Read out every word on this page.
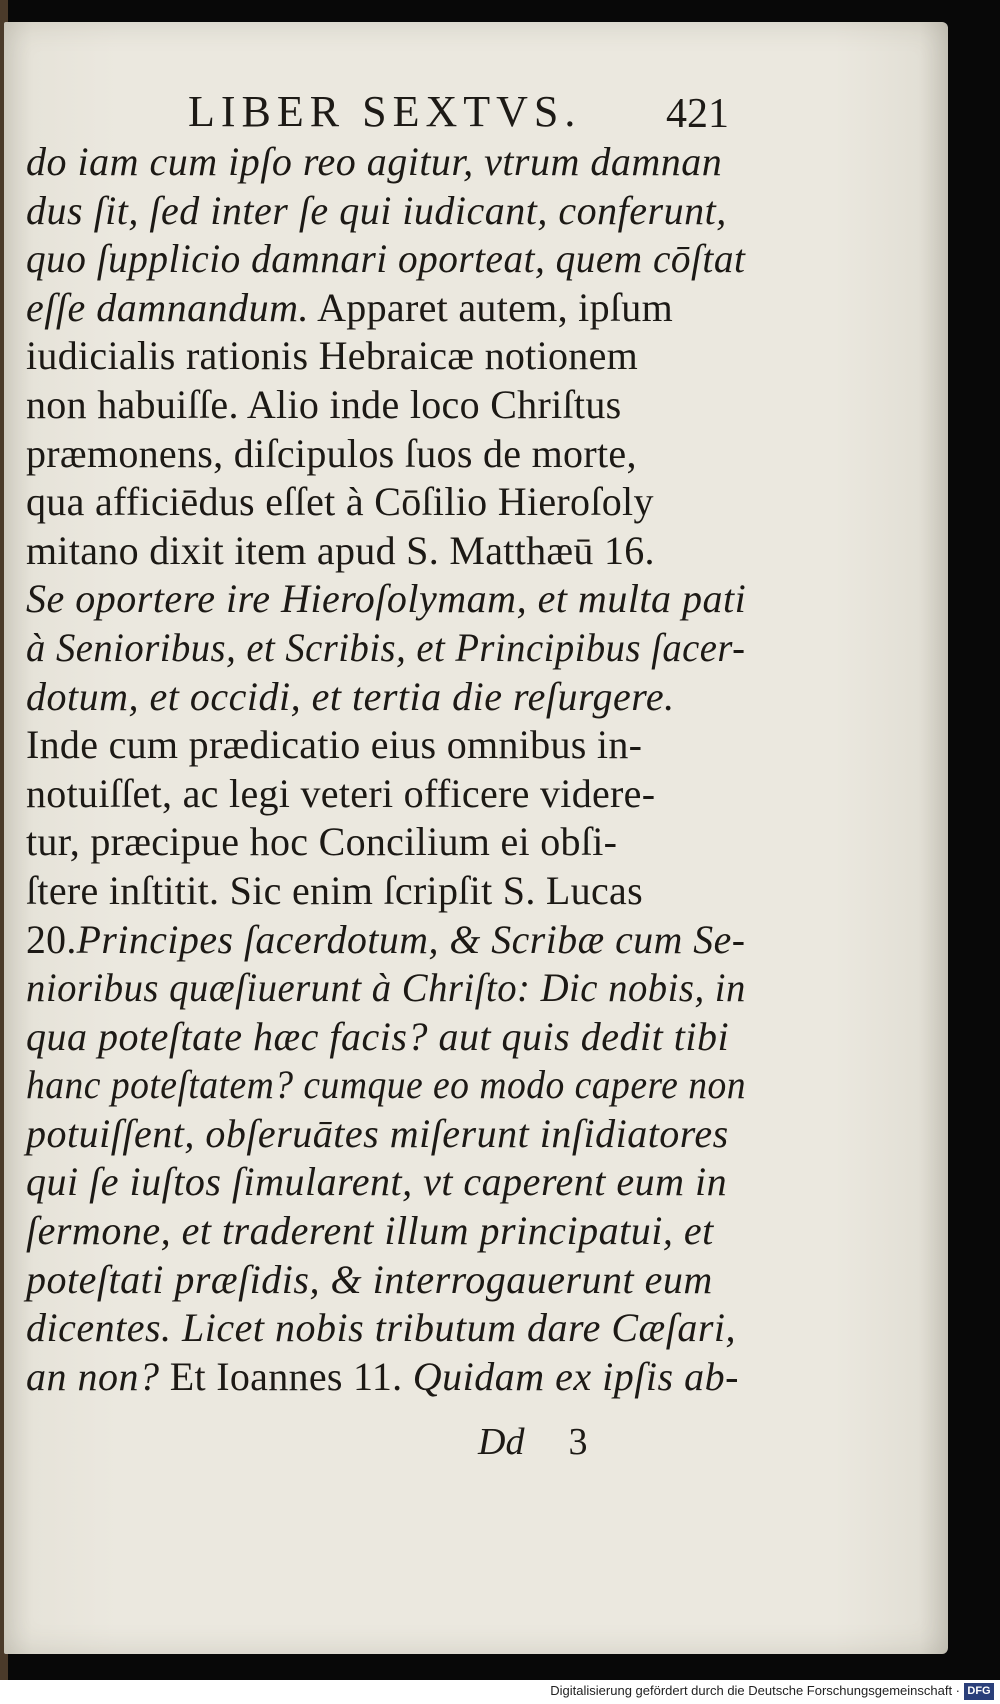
LIBER SEXTVS. 421
do iam cum ipſo reo agitur, vtrum damnan
dus ſit, ſed inter ſe qui iudicant, conferunt,
quo ſupplicio damnari oporteat, quem cōſtat
eſſe damnandum. Apparet autem, ipſum
iudicialis rationis Hebraicæ notionem
non habuiſſe. Alio inde loco Chriſtus
præmonens, diſcipulos ſuos de morte,
qua afficiēdus eſſet à Cōſilio Hieroſoly
mitano dixit item apud S. Matthæū 16.
Se oportere ire Hieroſolymam, et multa pati
à Senioribus, et Scribis, et Principibus ſacer-
dotum, et occidi, et tertia die reſurgere.
Inde cum prædicatio eius omnibus in-
notuiſſet, ac legi veteri officere videre-
tur, præcipue hoc Concilium ei obſi-
ſtere inſtitit. Sic enim ſcripſit S. Lucas
20.Principes ſacerdotum, & Scribæ cum Se-
nioribus quæſiuerunt à Chriſto: Dic nobis, in
qua poteſtate hæc facis? aut quis dedit tibi
hanc poteſtatem? cumque eo modo capere non
potuiſſent, obſeruātes miſerunt inſidiatores
qui ſe iuſtos ſimularent, vt caperent eum in
ſermone, et traderent illum principatui, et
poteſtati præſidis, & interrogauerunt eum
dicentes. Licet nobis tributum dare Cæſari,
an non? Et Ioannes 11. Quidam ex ipſis ab-
Dd 3
Digitalisierung gefördert durch die Deutsche Forschungsgemeinschaft · DFG
